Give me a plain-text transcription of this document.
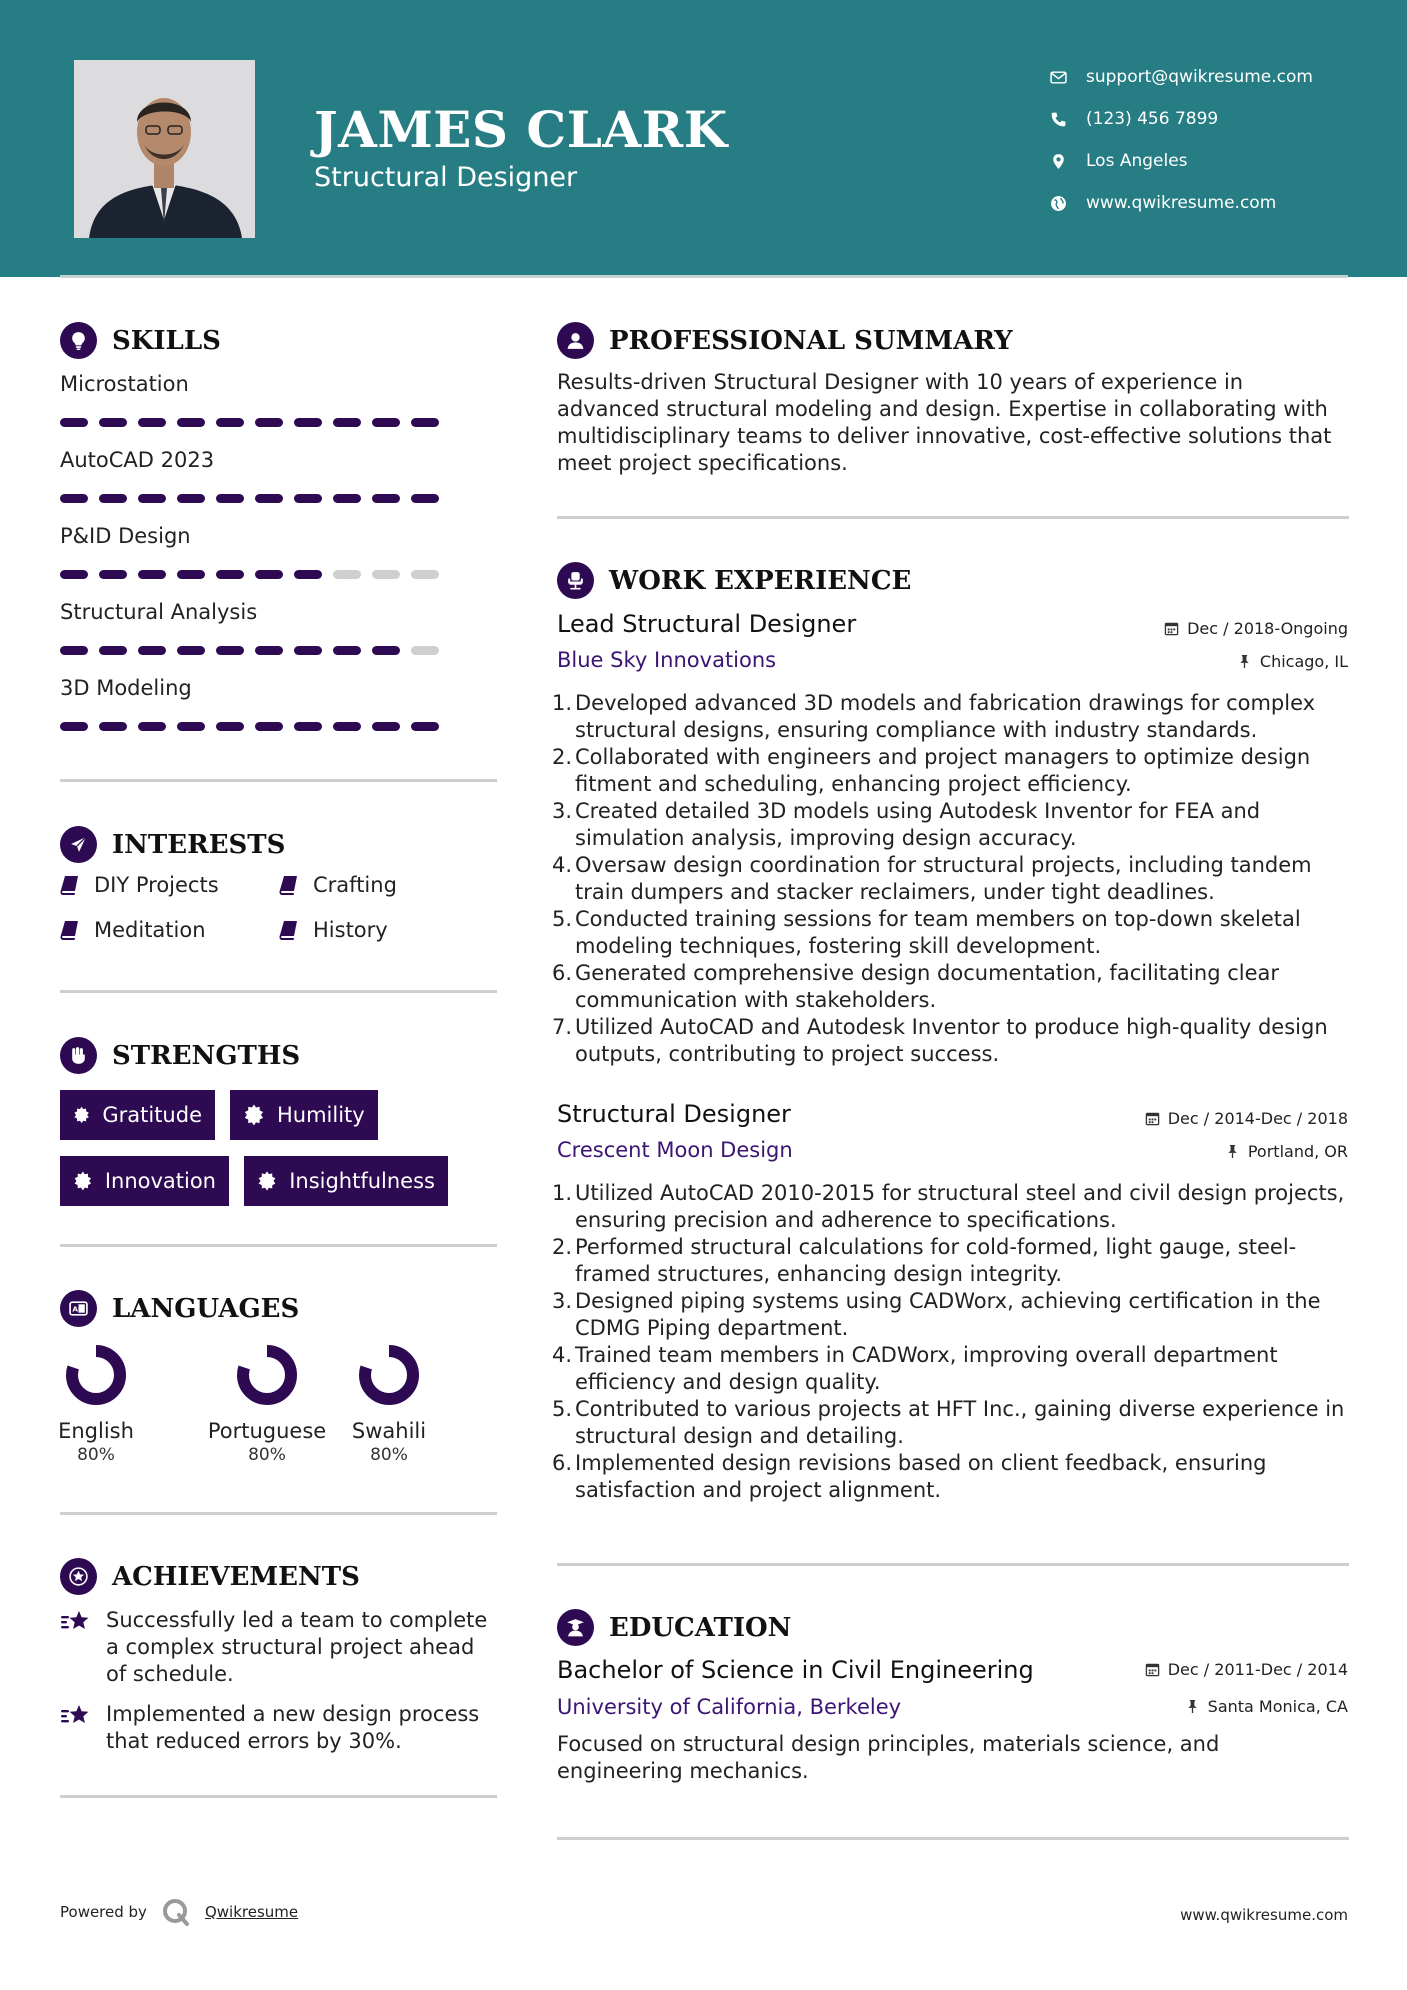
JAMES CLARK
Structural Designer
support@qwikresume.com
(123) 456 7899
Los Angeles
www.qwikresume.com
SKILLS
Microstation
AutoCAD 2023
P&ID Design
Structural Analysis
3D Modeling
INTERESTS
DIY Projects	Crafting
Meditation	History
STRENGTHS
Gratitude	Humility
Innovation	Insightfulness
A LANGUAGES
English
80%
Portuguese
80%
Swahili
80%
ACHIEVEMENTS
Successfully led a team to complete a complex structural project ahead of schedule.
Implemented a new design process that reduced errors by 30%.
PROFESSIONAL SUMMARY
Results-driven Structural Designer with 10 years of experience in advanced structural modeling and design. Expertise in collaborating with multidisciplinary teams to deliver innovative, cost-effective solutions that meet project specifications.
WORK EXPERIENCE
Lead Structural Designer	Dec / 2018-Ongoing
Blue Sky Innovations	Chicago, IL
1. Developed advanced 3D models and fabrication drawings for complex structural designs, ensuring compliance with industry standards.
2. Collaborated with engineers and project managers to optimize design fitment and scheduling, enhancing project efficiency.
3. Created detailed 3D models using Autodesk Inventor for FEA and simulation analysis, improving design accuracy.
4. Oversaw design coordination for structural projects, including tandem train dumpers and stacker reclaimers, under tight deadlines.
5. Conducted training sessions for team members on top-down skeletal modeling techniques, fostering skill development.
6. Generated comprehensive design documentation, facilitating clear communication with stakeholders.
7. Utilized AutoCAD and Autodesk Inventor to produce high-quality design outputs, contributing to project success.
Structural Designer	Dec / 2014-Dec / 2018
Crescent Moon Design	Portland, OR
1. Utilized AutoCAD 2010-2015 for structural steel and civil design projects, ensuring precision and adherence to specifications.
2. Performed structural calculations for cold-formed, light gauge, steel-framed structures, enhancing design integrity.
3. Designed piping systems using CADWorx, achieving certification in the CDMG Piping department.
4. Trained team members in CADWorx, improving overall department efficiency and design quality.
5. Contributed to various projects at HFT Inc., gaining diverse experience in structural design and detailing.
6. Implemented design revisions based on client feedback, ensuring satisfaction and project alignment.
EDUCATION
Bachelor of Science in Civil Engineering	Dec / 2011-Dec / 2014
University of California, Berkeley	Santa Monica, CA
Focused on structural design principles, materials science, and engineering mechanics.
Powered by	Qwikresume	www.qwikresume.com
